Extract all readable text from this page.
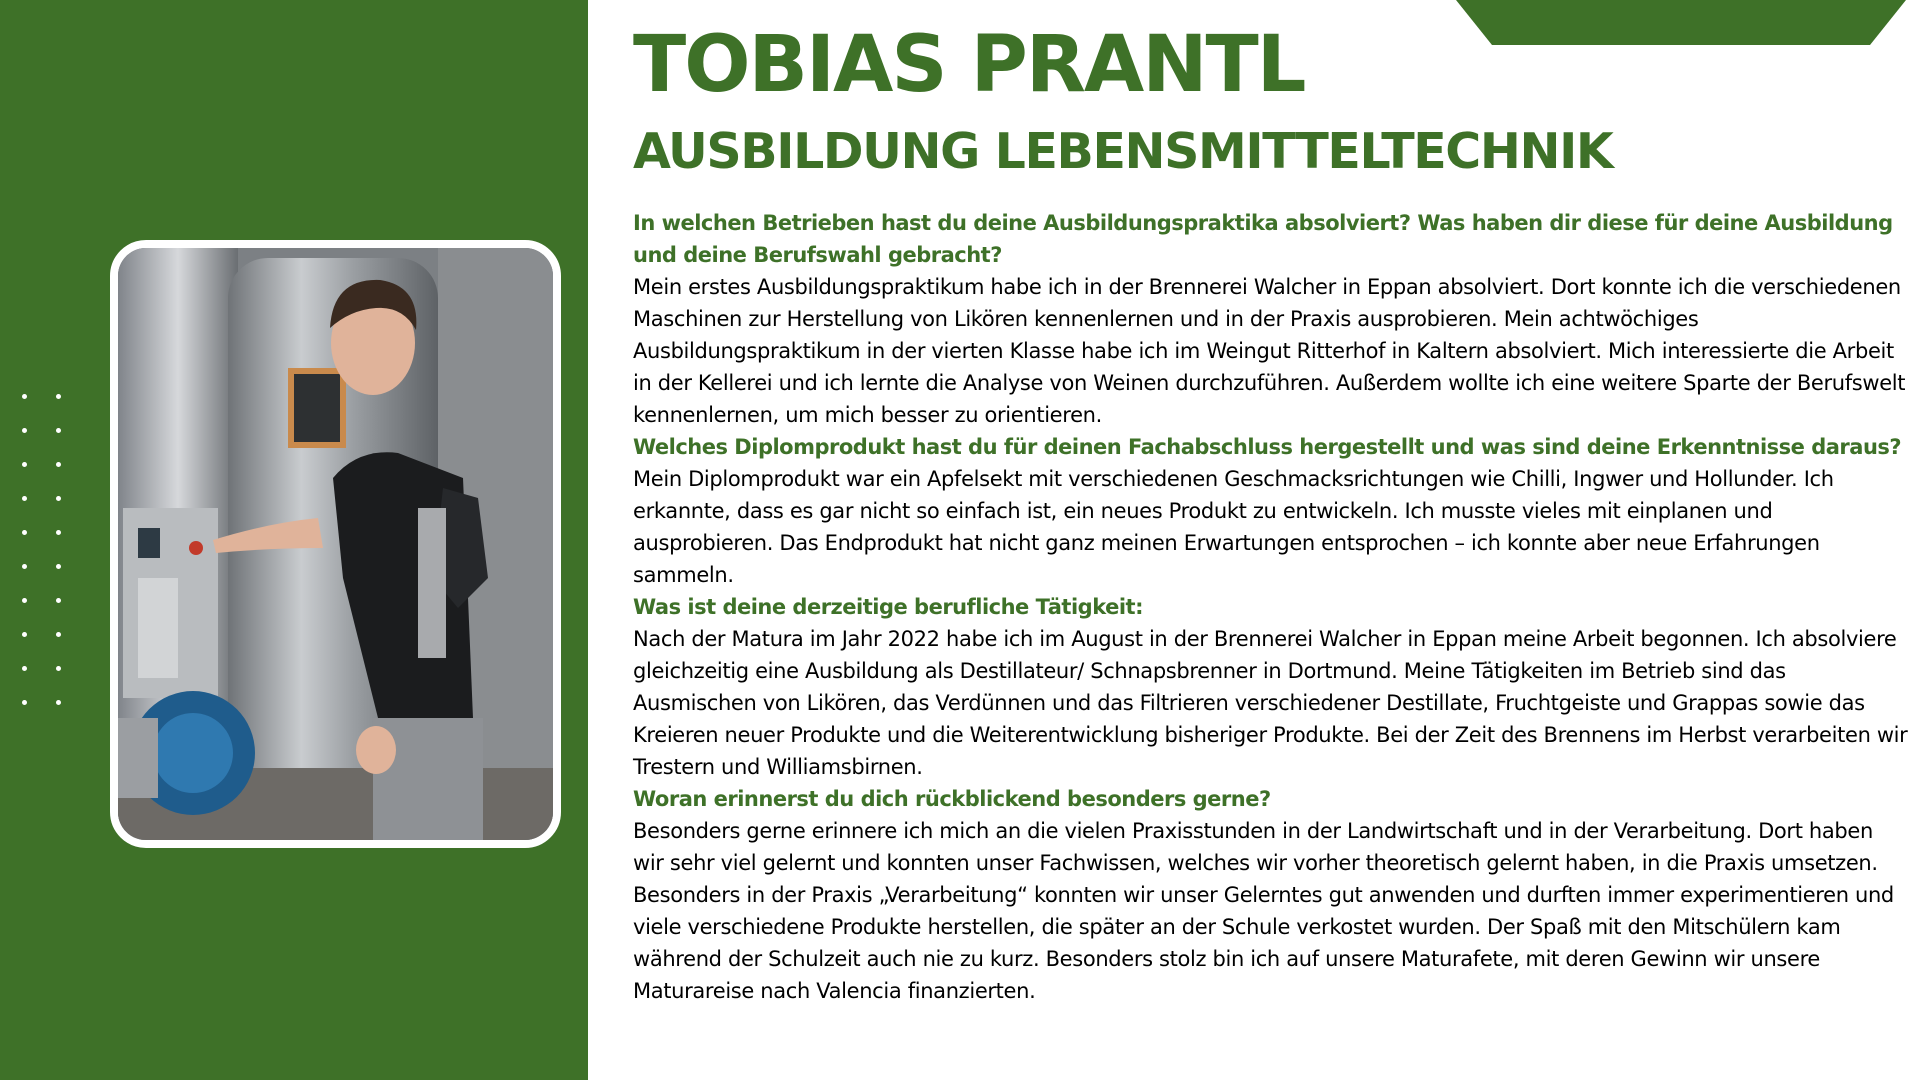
TOBIAS PRANTL
AUSBILDUNG LEBENSMITTELTECHNIK

In welchen Betrieben hast du deine Ausbildungspraktika absolviert? Was haben dir diese für deine Ausbildung und deine Berufswahl gebracht?

Mein erstes Ausbildungspraktikum habe ich in der Brennerei Walcher in Eppan absolviert. Dort konnte ich die verschiedenen Maschinen zur Herstellung von Likören kennenlernen und in der Praxis ausprobieren. Mein achtwöchiges Ausbildungspraktikum in der vierten Klasse habe ich im Weingut Ritterhof in Kaltern absolviert. Mich interessierte die Arbeit in der Kellerei und ich lernte die Analyse von Weinen durchzuführen. Außerdem wollte ich eine weitere Sparte der Berufswelt kennenlernen, um mich besser zu orientieren.

Welches Diplomprodukt hast du für deinen Fachabschluss hergestellt und was sind deine Erkenntnisse daraus?

Mein Diplomprodukt war ein Apfelsekt mit verschiedenen Geschmacksrichtungen wie Chilli, Ingwer und Hollunder. Ich erkannte, dass es gar nicht so einfach ist, ein neues Produkt zu entwickeln. Ich musste vieles mit einplanen und ausprobieren. Das Endprodukt hat nicht ganz meinen Erwartungen entsprochen – ich konnte aber neue Erfahrungen sammeln.

Was ist deine derzeitige berufliche Tätigkeit:

Nach der Matura im Jahr 2022 habe ich im August in der Brennerei Walcher in Eppan meine Arbeit begonnen. Ich absolviere gleichzeitig eine Ausbildung als Destillateur/ Schnapsbrenner in Dortmund. Meine Tätigkeiten im Betrieb sind das Ausmischen von Likören, das Verdünnen und das Filtrieren verschiedener Destillate, Fruchtgeiste und Grappas sowie das Kreieren neuer Produkte und die Weiterentwicklung bisheriger Produkte. Bei der Zeit des Brennens im Herbst verarbeiten wir Trestern und Williamsbirnen.

Woran erinnerst du dich rückblickend besonders gerne?

Besonders gerne erinnere ich mich an die vielen Praxisstunden in der Landwirtschaft und in der Verarbeitung. Dort haben wir sehr viel gelernt und konnten unser Fachwissen, welches wir vorher theoretisch gelernt haben, in die Praxis umsetzen. Besonders in der Praxis „Verarbeitung“ konnten wir unser Gelerntes gut anwenden und durften immer experimentieren und viele verschiedene Produkte herstellen, die später an der Schule verkostet wurden. Der Spaß mit den Mitschülern kam während der Schulzeit auch nie zu kurz. Besonders stolz bin ich auf unsere Maturafete, mit deren Gewinn wir unsere Maturareise nach Valencia finanzierten.
